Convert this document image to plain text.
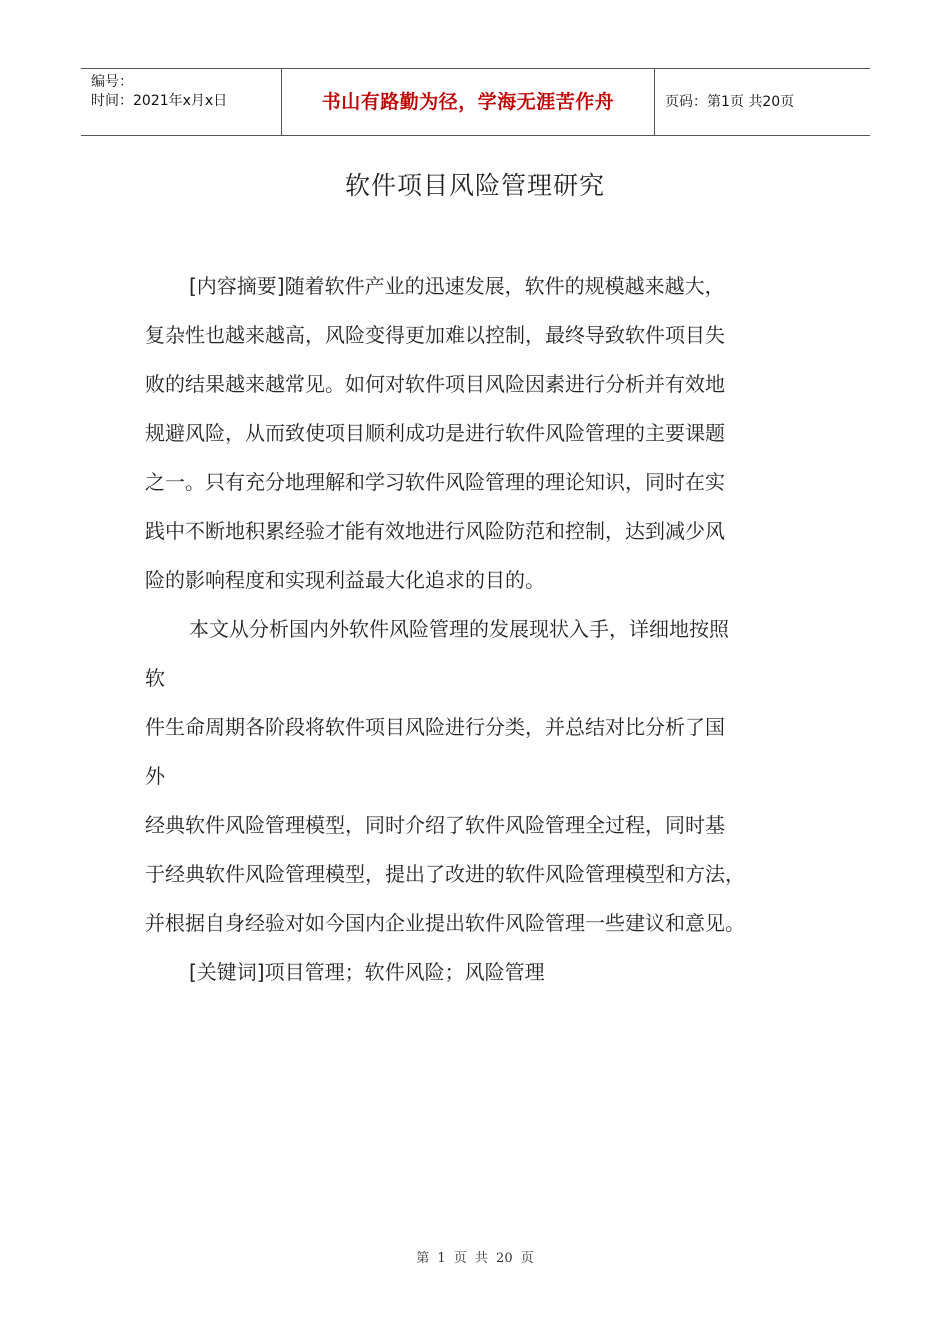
编号：
时间：2021年x月x日	书山有路勤为径，学海无涯苦作舟	页码：第1页 共20页
软件项目风险管理研究
[内容摘要]随着软件产业的迅速发展，软件的规模越来越大，
复杂性也越来越高，风险变得更加难以控制，最终导致软件项目失
败的结果越来越常见。如何对软件项目风险因素进行分析并有效地
规避风险，从而致使项目顺利成功是进行软件风险管理的主要课题
之一。只有充分地理解和学习软件风险管理的理论知识，同时在实
践中不断地积累经验才能有效地进行风险防范和控制，达到减少风
险的影响程度和实现利益最大化追求的目的。
本文从分析国内外软件风险管理的发展现状入手，详细地按照
软
件生命周期各阶段将软件项目风险进行分类，并总结对比分析了国
外
经典软件风险管理模型，同时介绍了软件风险管理全过程，同时基
于经典软件风险管理模型，提出了改进的软件风险管理模型和方法，
并根据自身经验对如今国内企业提出软件风险管理一些建议和意见。
[关键词]项目管理；软件风险；风险管理
第 1 页 共 20 页
